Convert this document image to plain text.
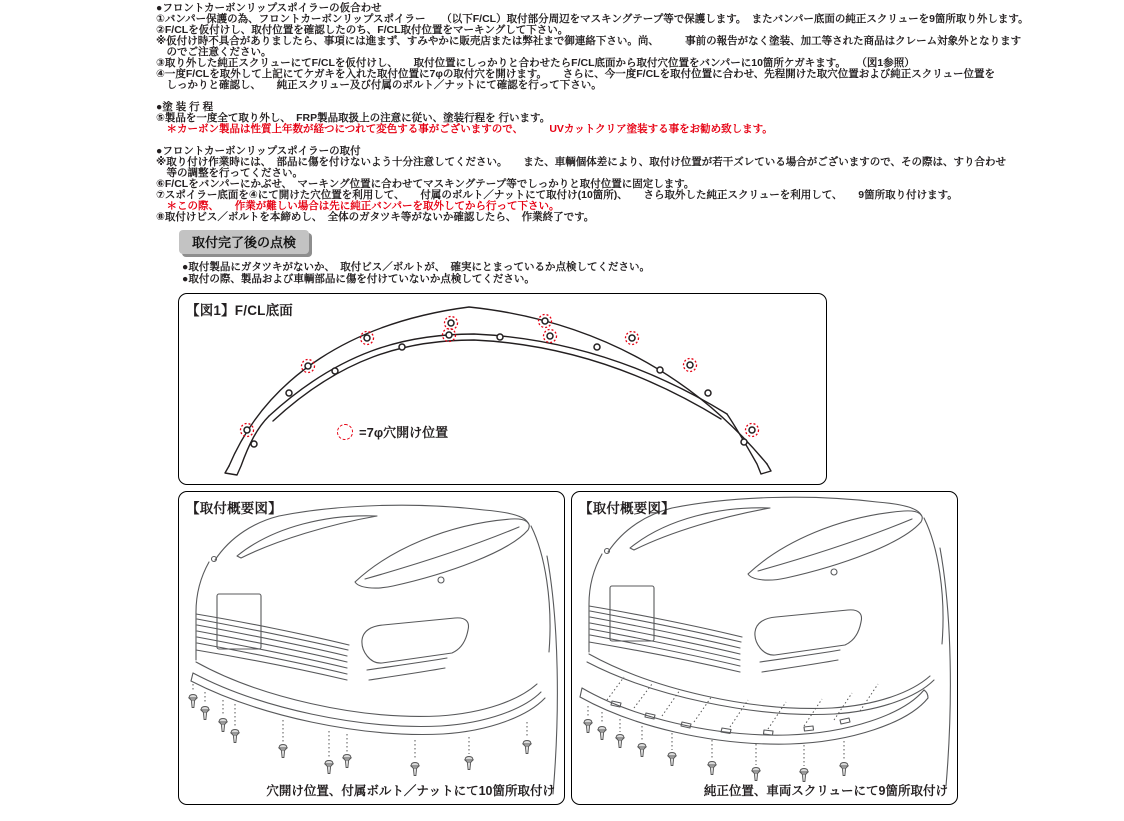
●フロントカーボンリップスポイラーの仮合わせ
①バンパー保護の為、フロントカーボンリップスポイラー　　（以下F/CL）取付部分周辺をマスキングテープ等で保護します。　またバンパー底面の純正スクリューを9箇所取り外します。
②F/CLを仮付けし、取付位置を確認したのち、F/CL取付位置をマーキングして下さい。
※仮付け時不具合がありましたら、事項には進まず、すみやかに販売店または弊社まで御連絡下さい。尚、　　　事前の報告がなく塗装、加工等された商品はクレーム対象外となります
　のでご注意ください。
③取り外した純正スクリューにてF/CLを仮付けし、　　取付位置にしっかりと合わせたらF/CL底面から取付穴位置をバンパーに10箇所ケガキます。　　（図1参照）
④一度F/CLを取外して上記にてケガキを入れた取付位置に7φの取付穴を開けます。　　さらに、今一度F/CLを取付位置に合わせ、先程開けた取穴位置および純正スクリュー位置を
　しっかりと確認し、　　純正スクリュー及び付属のボルト／ナットにて確認を行って下さい。
●塗 装 行 程
⑤製品を一度全て取り外し、　FRP製品取扱上の注意に従い、塗装行程を 行います。
　＊カーボン製品は性質上年数が経つにつれて変色する事がございますので、　　　UVカットクリア塗装する事をお勧め致します。
●フロントカーボンリップスポイラーの取付
※取り付け作業時には、　部品に傷を付けないよう十分注意してください。　　また、車輌個体差により、取付け位置が若干ズレている場合がございますので、その際は、すり合わせ
　等の調整を行ってください。
⑥F/CLをバンパーにかぶせ、　マーキング位置に合わせてマスキングテープ等でしっかりと取付位置に固定します。
⑦スポイラー底面を④にて開けた穴位置を利用して、　　付属のボルト／ナットにて取付け(10箇所)、　　さら取外した純正スクリューを利用して、　　9箇所取り付けます。
　＊この際、　　作業が難しい場合は先に純正バンパーを取外してから行って下さい。
⑧取付けビス／ボルトを本締めし、　全体のガタツキ等がないか確認したら、　作業終了です。
取付完了後の点検
●取付製品にガタツキがないか、　取付ビス／ボルトが、　確実にとまっているか点検してください。
●取付の際、製品および車輌部品に傷を付けていないか点検してください。
【図1】F/CL底面
=7φ穴開け位置
【取付概要図】
穴開け位置、付属ボルト／ナットにて10箇所取付け
【取付概要図】
純正位置、車両スクリューにて9箇所取付け
